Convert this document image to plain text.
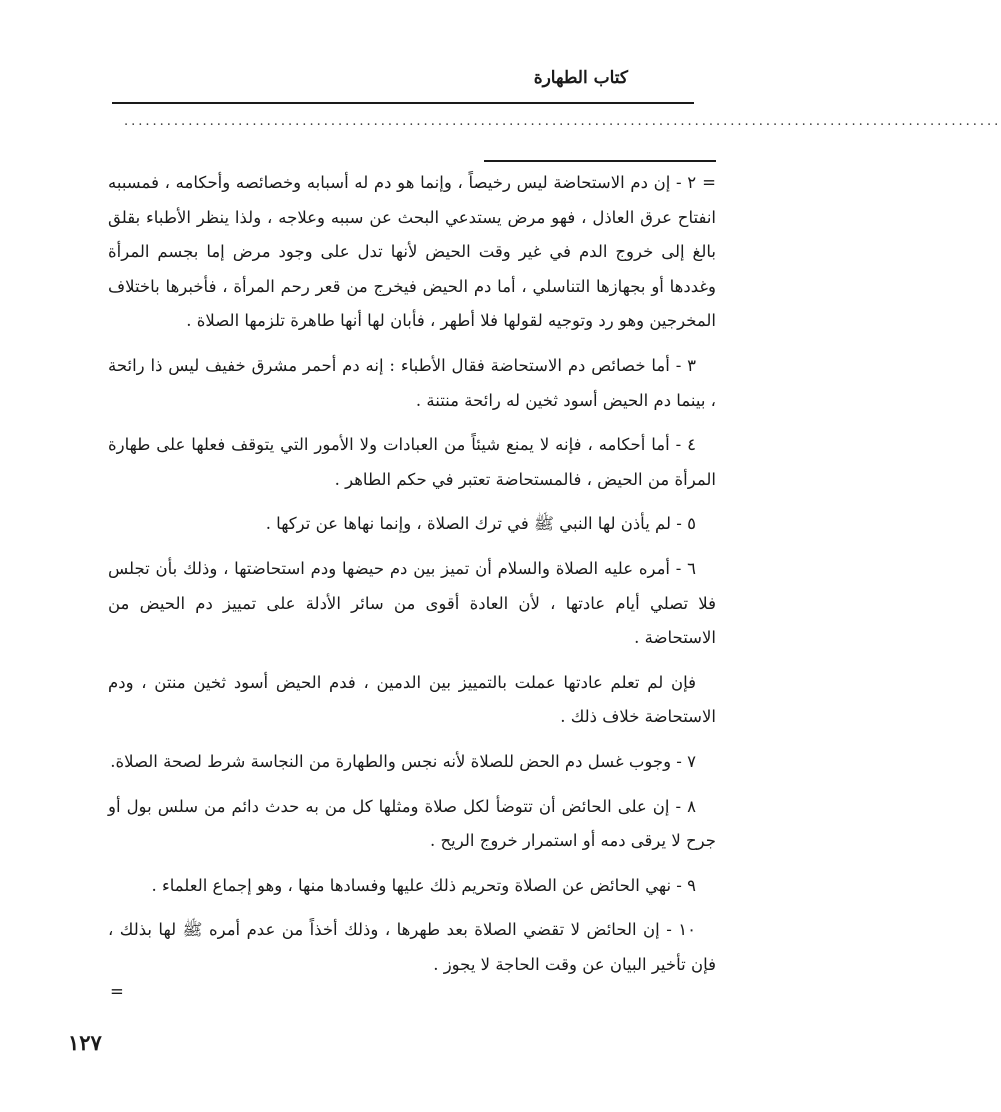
كتاب الطهارة
...........................................................................................................................

=٢ - إن دم الاستحاضة ليس رخيصاً ، وإنما هو دم له أسبابه وخصائصه وأحكامه ، فمسببه انفتاح عرق العاذل ، فهو مرض يستدعي البحث عن سببه وعلاجه ، ولذا ينظر الأطباء بقلق بالغ إلى خروج الدم في غير وقت الحيض لأنها تدل على وجود مرض إما بجسم المرأة وغددها أو بجهازها التناسلي ، أما دم الحيض فيخرج من قعر رحم المرأة ، فأخبرها باختلاف المخرجين وهو رد وتوجيه لقولها فلا أطهر ، فأبان لها أنها طاهرة تلزمها الصلاة .

٣ - أما خصائص دم الاستحاضة فقال الأطباء : إنه دم أحمر مشرق خفيف ليس ذا رائحة ، بينما دم الحيض أسود ثخين له رائحة منتنة .

٤ - أما أحكامه ، فإنه لا يمنع شيئاً من العبادات ولا الأمور التي يتوقف فعلها على طهارة المرأة من الحيض ، فالمستحاضة تعتبر في حكم الطاهر .

٥ - لم يأذن لها النبي ﷺ في ترك الصلاة ، وإنما نهاها عن تركها .

٦ - أمره عليه الصلاة والسلام أن تميز بين دم حيضها ودم استحاضتها ، وذلك بأن تجلس فلا تصلي أيام عادتها ، لأن العادة أقوى من سائر الأدلة على تمييز دم الحيض من الاستحاضة .

فإن لم تعلم عادتها عملت بالتمييز بين الدمين ، فدم الحيض أسود ثخين منتن ، ودم الاستحاضة خلاف ذلك .

٧ - وجوب غسل دم الحض للصلاة لأنه نجس والطهارة من النجاسة شرط لصحة الصلاة.

٨ - إن على الحائض أن تتوضأ لكل صلاة ومثلها كل من به حدث دائم من سلس بول أو جرح لا يرقى دمه أو استمرار خروج الريح .

٩ - نهي الحائض عن الصلاة وتحريم ذلك عليها وفسادها منها ، وهو إجماع العلماء .

١٠ - إن الحائض لا تقضي الصلاة بعد طهرها ، وذلك أخذاً من عدم أمره ﷺ لها بذلك ، فإن تأخير البيان عن وقت الحاجة لا يجوز .

=
١٢٧
